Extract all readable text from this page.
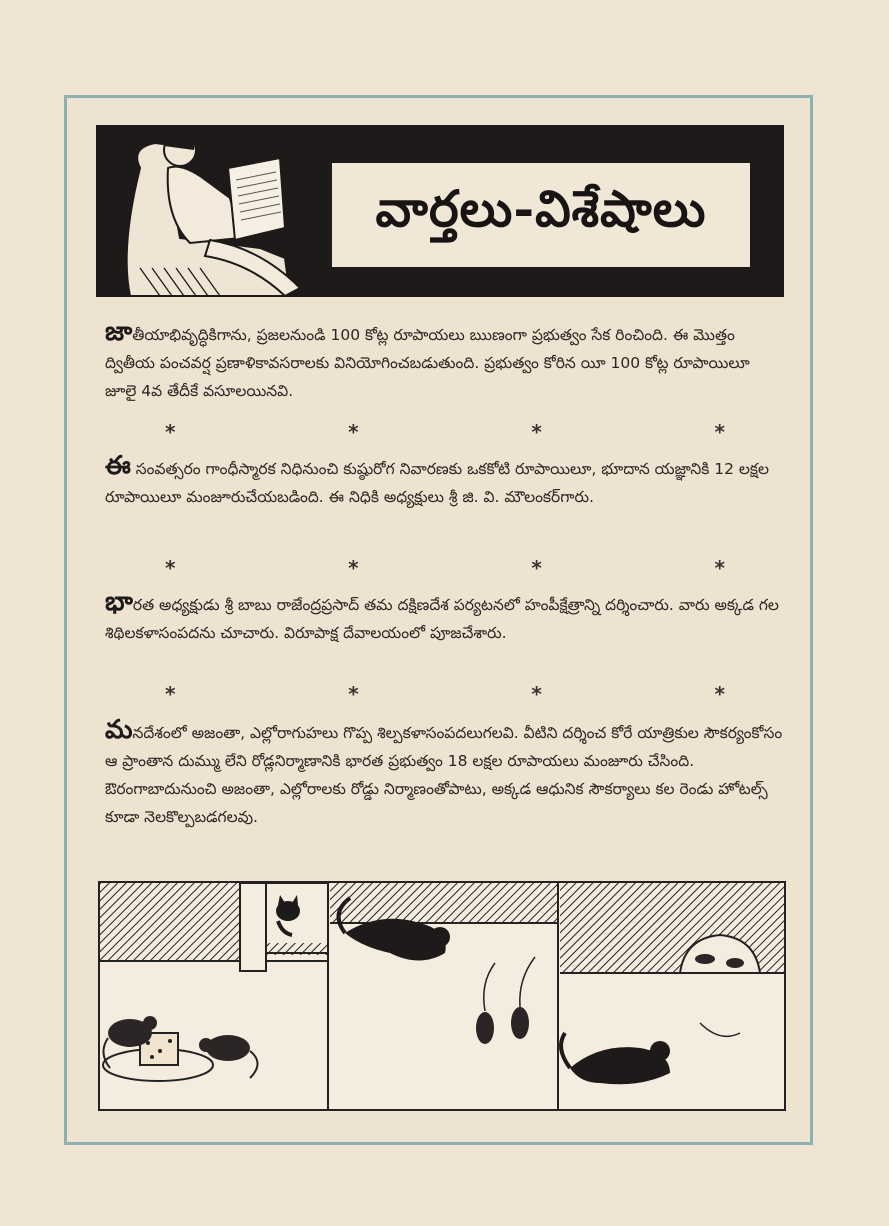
వార్తలు-విశేషాలు
జాతీయాభివృద్ధికిగాను, ప్రజలనుండి 100 కోట్ల రూపాయలు ఋణంగా ప్రభుత్వం సేక రించింది. ఈ మొత్తం ద్వితీయ పంచవర్ష ప్రణాళికావసరాలకు వినియోగించబడుతుంది. ప్రభుత్వం కోరిన యీ 100 కోట్ల రూపాయిలూ జూలై 4వ తేదీకే వసూలయినవి.
*	*	*	*
ఈ సంవత్సరం గాంధీస్మారక నిధినుంచి కుష్ఠురోగ నివారణకు ఒకకోటి రూపాయిలూ, భూదాన యజ్ఞానికి 12 లక్షల రూపాయిలూ మంజూరుచేయబడింది. ఈ నిధికి అధ్యక్షులు శ్రీ జి. వి. మౌలంకర్‌గారు.
*	*	*	*
భారత అధ్యక్షుడు శ్రీ బాబు రాజేంద్రప్రసాద్ తమ దక్షిణదేశ పర్యటనలో హంపీక్షేత్రాన్ని దర్శించారు. వారు అక్కడ గల శిథిలకళాసంపదను చూచారు. విరూపాక్ష దేవాలయంలో పూజచేశారు.
*	*	*	*
మనదేశంలో అజంతా, ఎల్లోరాగుహలు గొప్ప శిల్పకళాసంపదలుగలవి. వీటిని దర్శించ కోరే యాత్రికుల సౌకర్యంకోసం ఆ ప్రాంతాన దుమ్ము లేని రోడ్లనిర్మాణానికి భారత ప్రభుత్వం 18 లక్షల రూపాయలు మంజూరు చేసింది. ఔరంగాబాదునుంచి అజంతా, ఎల్లోరాలకు రోడ్డు నిర్మాణంతోపాటు, అక్కడ ఆధునిక సౌకర్యాలు కల రెండు హోటల్స్ కూడా నెలకొల్పబడగలవు.
